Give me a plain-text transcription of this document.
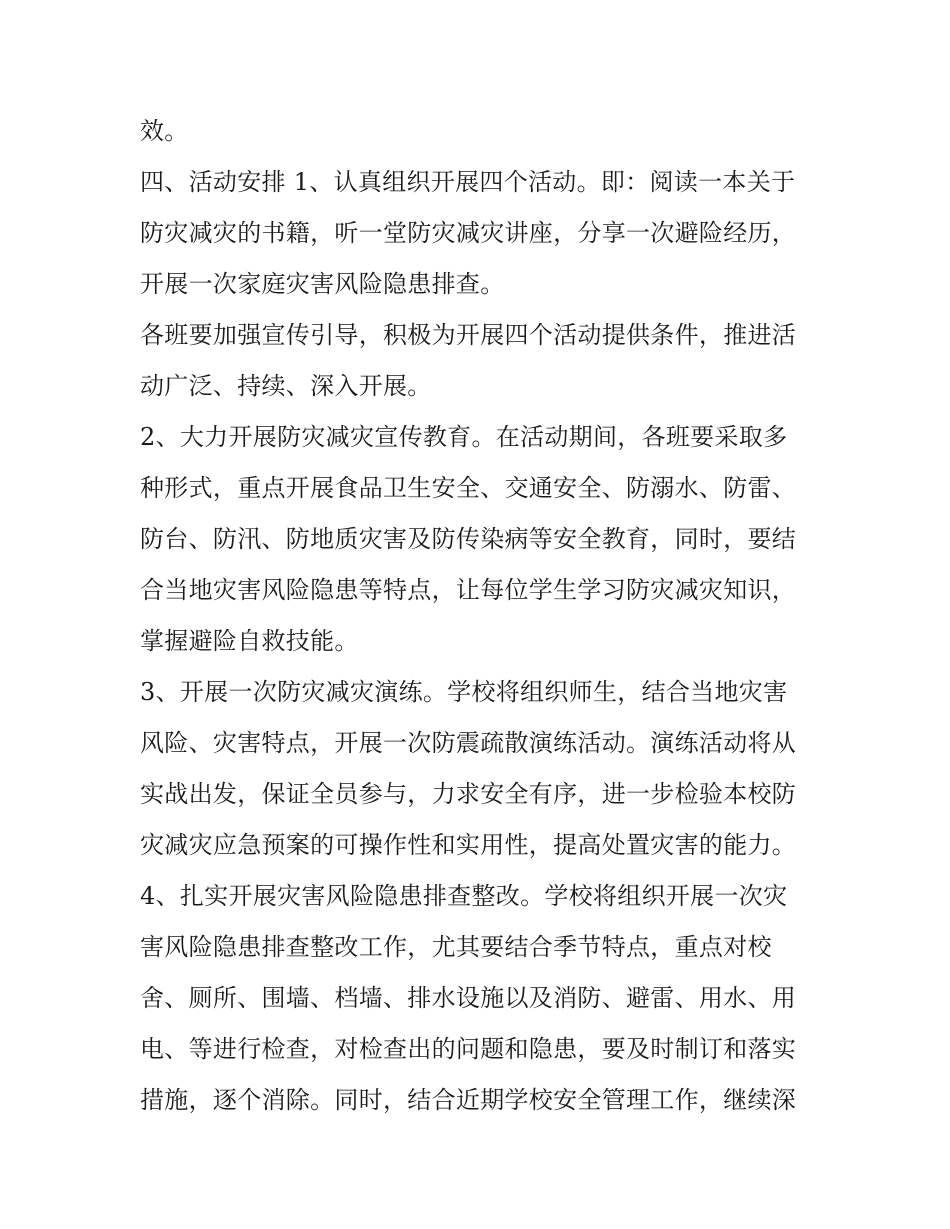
效。
四、活动安排 1、认真组织开展四个活动。即：阅读一本关于
防灾减灾的书籍，听一堂防灾减灾讲座，分享一次避险经历，
开展一次家庭灾害风险隐患排查。
各班要加强宣传引导，积极为开展四个活动提供条件，推进活
动广泛、持续、深入开展。
2、大力开展防灾减灾宣传教育。在活动期间，各班要采取多
种形式，重点开展食品卫生安全、交通安全、防溺水、防雷、
防台、防汛、防地质灾害及防传染病等安全教育，同时，要结
合当地灾害风险隐患等特点，让每位学生学习防灾减灾知识，
掌握避险自救技能。
3、开展一次防灾减灾演练。学校将组织师生，结合当地灾害
风险、灾害特点，开展一次防震疏散演练活动。演练活动将从
实战出发，保证全员参与，力求安全有序，进一步检验本校防
灾减灾应急预案的可操作性和实用性，提高处置灾害的能力。
4、扎实开展灾害风险隐患排查整改。学校将组织开展一次灾
害风险隐患排查整改工作，尤其要结合季节特点，重点对校
舍、厕所、围墙、档墙、排水设施以及消防、避雷、用水、用
电、等进行检查，对检查出的问题和隐患，要及时制订和落实
措施，逐个消除。同时，结合近期学校安全管理工作，继续深
